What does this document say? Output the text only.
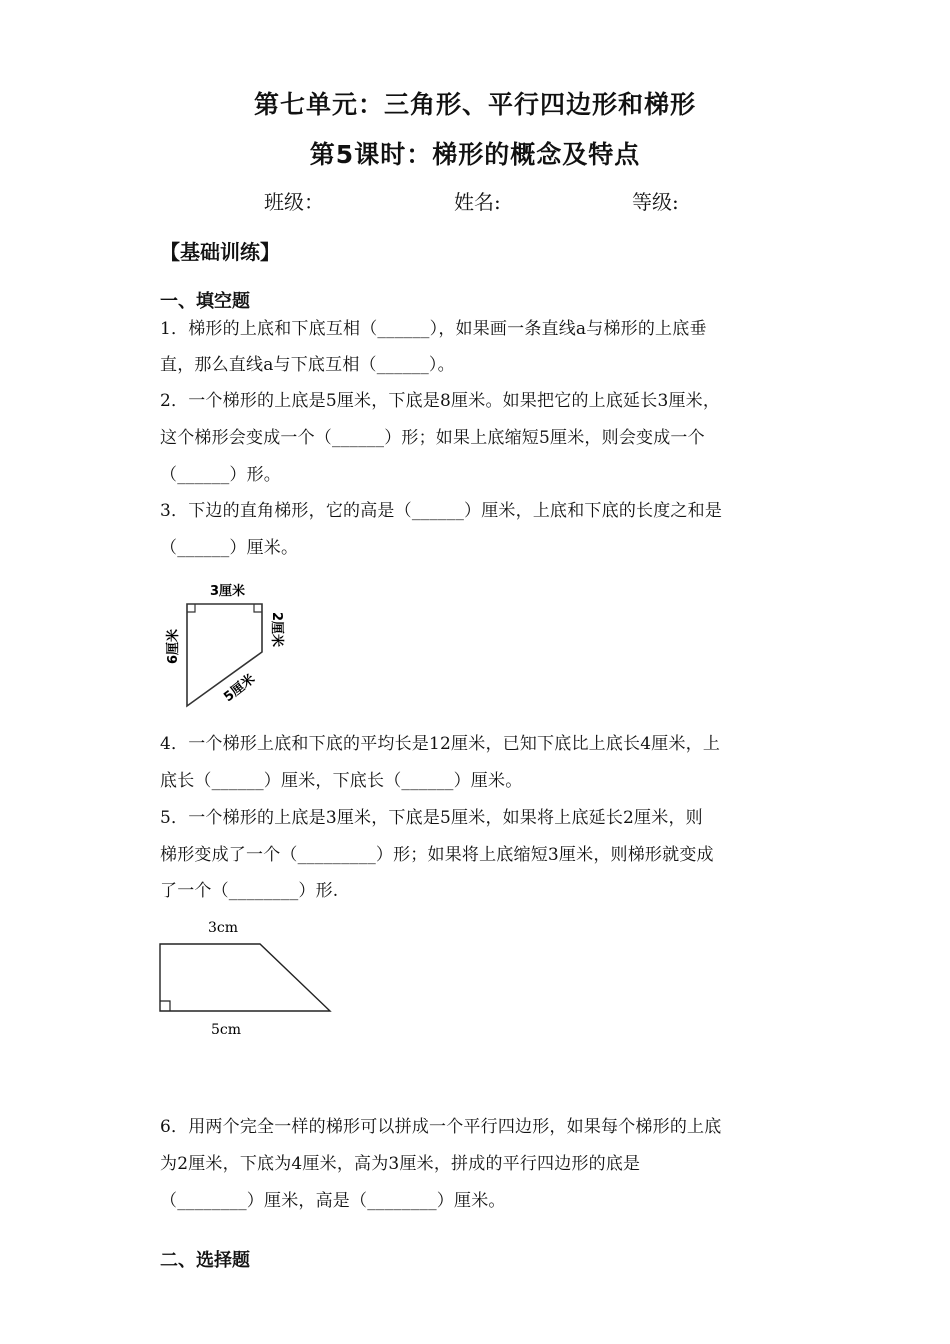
第七单元：三角形、平行四边形和梯形
第5课时：梯形的概念及特点
班级：	姓名:	等级:
【基础训练】
一、填空题
1．梯形的上底和下底互相（______），如果画一条直线a与梯形的上底垂
直，那么直线a与下底互相（______）。
2．一个梯形的上底是5厘米，下底是8厘米。如果把它的上底延长3厘米，
这个梯形会变成一个（______）形；如果上底缩短5厘米，则会变成一个
（______）形。
3．下边的直角梯形，它的高是（______）厘米，上底和下底的长度之和是
（______）厘米。
3厘米
6厘米	2厘米
5厘米
4．一个梯形上底和下底的平均长是12厘米，已知下底比上底长4厘米，上
底长（______）厘米，下底长（______）厘米。
5．一个梯形的上底是3厘米，下底是5厘米，如果将上底延长2厘米，则
梯形变成了一个（_________）形；如果将上底缩短3厘米，则梯形就变成
了一个（________）形.
3cm
5cm
6．用两个完全一样的梯形可以拼成一个平行四边形，如果每个梯形的上底
为2厘米，下底为4厘米，高为3厘米，拼成的平行四边形的底是
（________）厘米，高是（________）厘米。
二、选择题
